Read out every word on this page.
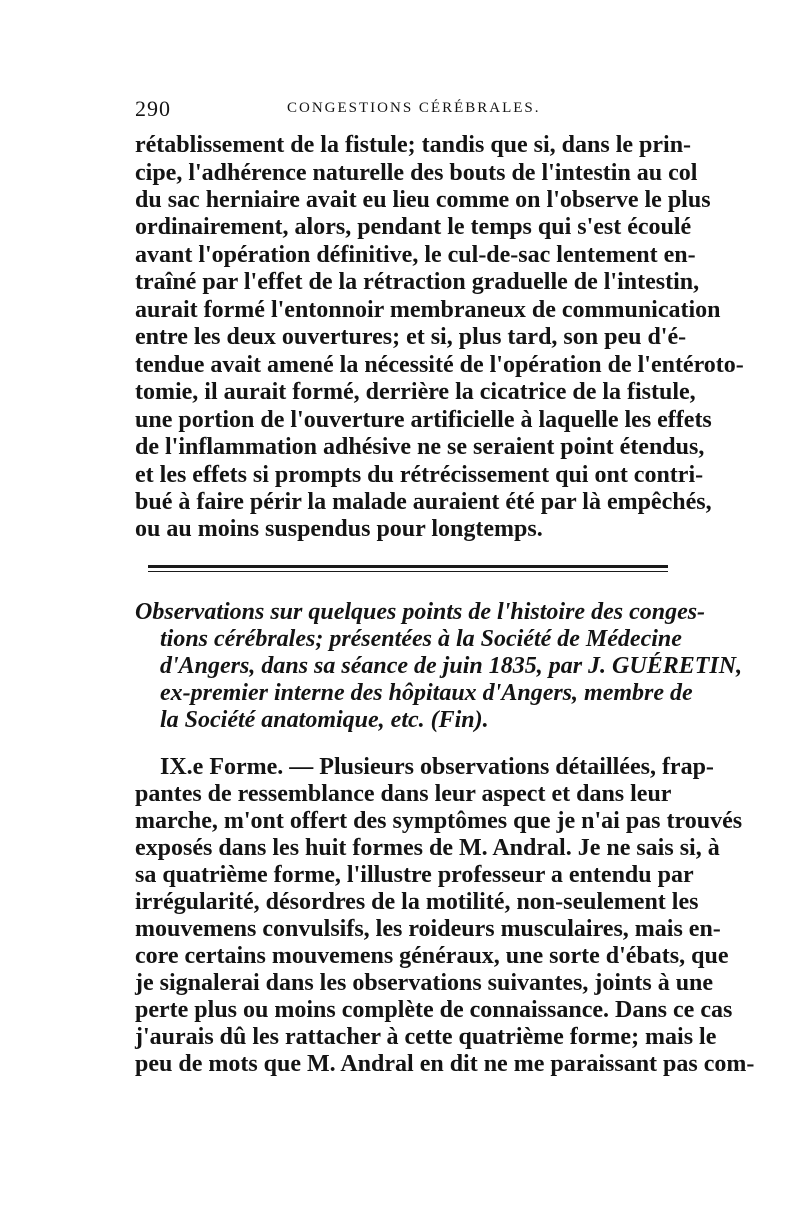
290	CONGESTIONS CÉRÉBRALES.
rétablissement de la fistule; tandis que si, dans le prin-
cipe, l'adhérence naturelle des bouts de l'intestin au col
du sac herniaire avait eu lieu comme on l'observe le plus
ordinairement, alors, pendant le temps qui s'est écoulé
avant l'opération définitive, le cul-de-sac lentement en-
traîné par l'effet de la rétraction graduelle de l'intestin,
aurait formé l'entonnoir membraneux de communication
entre les deux ouvertures; et si, plus tard, son peu d'é-
tendue avait amené la nécessité de l'opération de l'entéroto-
tomie, il aurait formé, derrière la cicatrice de la fistule,
une portion de l'ouverture artificielle à laquelle les effets
de l'inflammation adhésive ne se seraient point étendus,
et les effets si prompts du rétrécissement qui ont contri-
bué à faire périr la malade auraient été par là empêchés,
ou au moins suspendus pour longtemps.
Observations sur quelques points de l'histoire des conges-
tions cérébrales; présentées à la Société de Médecine
d'Angers, dans sa séance de juin 1835, par J. GUÉRETIN,
ex-premier interne des hôpitaux d'Angers, membre de
la Société anatomique, etc. (Fin).
IX.e Forme. — Plusieurs observations détaillées, frap-
pantes de ressemblance dans leur aspect et dans leur
marche, m'ont offert des symptômes que je n'ai pas trouvés
exposés dans les huit formes de M. Andral. Je ne sais si, à
sa quatrième forme, l'illustre professeur a entendu par
irrégularité, désordres de la motilité, non-seulement les
mouvemens convulsifs, les roideurs musculaires, mais en-
core certains mouvemens généraux, une sorte d'ébats, que
je signalerai dans les observations suivantes, joints à une
perte plus ou moins complète de connaissance. Dans ce cas
j'aurais dû les rattacher à cette quatrième forme; mais le
peu de mots que M. Andral en dit ne me paraissant pas com-
